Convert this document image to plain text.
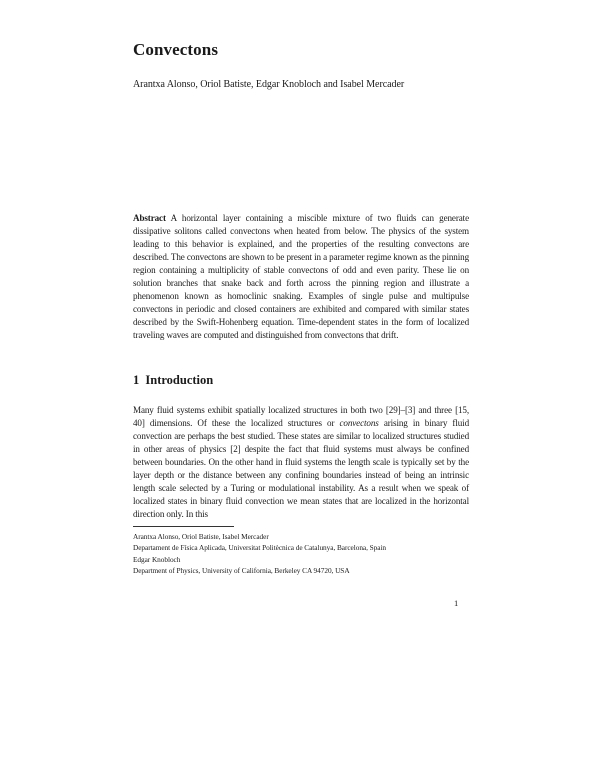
Convectons
Arantxa Alonso, Oriol Batiste, Edgar Knobloch and Isabel Mercader

Abstract A horizontal layer containing a miscible mixture of two fluids can generate dissipative solitons called convectons when heated from below. The physics of the system leading to this behavior is explained, and the properties of the resulting convectons are described. The convectons are shown to be present in a parameter regime known as the pinning region containing a multiplicity of stable convectons of odd and even parity. These lie on solution branches that snake back and forth across the pinning region and illustrate a phenomenon known as homoclinic snaking. Examples of single pulse and multipulse convectons in periodic and closed containers are exhibited and compared with similar states described by the Swift-Hohenberg equation. Time-dependent states in the form of localized traveling waves are computed and distinguished from convectons that drift.

1 Introduction

Many fluid systems exhibit spatially localized structures in both two [29]–[3] and three [15, 40] dimensions. Of these the localized structures or convectons arising in binary fluid convection are perhaps the best studied. These states are similar to localized structures studied in other areas of physics [2] despite the fact that fluid systems must always be confined between boundaries. On the other hand in fluid systems the length scale is typically set by the layer depth or the distance between any confining boundaries instead of being an intrinsic length scale selected by a Turing or modulational instability. As a result when we speak of localized states in binary fluid convection we mean states that are localized in the horizontal direction only. In this

Arantxa Alonso, Oriol Batiste, Isabel Mercader
Departament de Física Aplicada, Universitat Politècnica de Catalunya, Barcelona, Spain
Edgar Knobloch
Department of Physics, University of California, Berkeley CA 94720, USA
1
